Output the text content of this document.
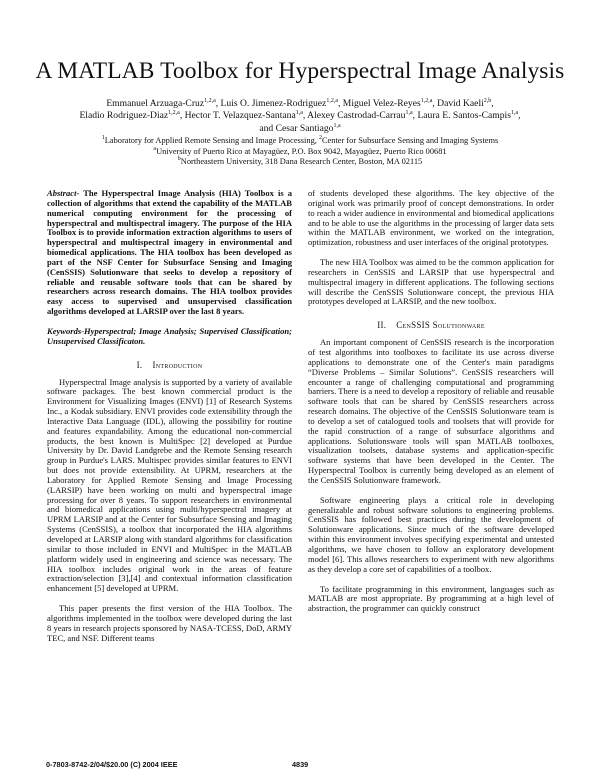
A MATLAB Toolbox for Hyperspectral Image Analysis
Emmanuel Arzuaga-Cruz$^{1,2,a}$, Luis O. Jimenez-Rodriguez$^{1,2,a}$, Miguel Velez-Reyes$^{1,2,a}$, David Kaeli$^{2,b}$,
Eladio Rodriguez-Diaz$^{1,2,a}$, Hector T. Velazquez-Santana$^{1,a}$, Alexey Castrodad-Carrau$^{1,a}$, Laura E. Santos-Campis$^{1,a}$,
and Cesar Santiago$^{1,a}$
$^1$Laboratory for Applied Remote Sensing and Image Processing, $^2$Center for Subsurface Sensing and Imaging Systems
$^a$University of Puerto Rico at Mayagüez, P.O. Box 9042, Mayagüez, Puerto Rico 00681
$^b$Northeastern University, 318 Dana Research Center, Boston, MA 02115

Abstract- The Hyperspectral Image Analysis (HIA) Toolbox is a collection of algorithms that extend the capability of the MATLAB numerical computing environment for the processing of hyperspectral and multispectral imagery. The purpose of the HIA Toolbox is to provide information extraction algorithms to users of hyperspectral and multispectral imagery in environmental and biomedical applications. The HIA toolbox has been developed as part of the NSF Center for Subsurface Sensing and Imaging (CenSSIS) Solutionware that seeks to develop a repository of reliable and reusable software tools that can be shared by researchers across research domains. The HIA toolbox provides easy access to supervised and unsupervised classification algorithms developed at LARSIP over the last 8 years.

Keywords-Hyperspectral; Image Analysis; Supervised Classification; Unsupervised Classificaton.

I. Introduction

Hyperspectral Image analysis is supported by a variety of available software packages. The best known commercial product is the Environment for Visualizing Images (ENVI) [1] of Research Systems Inc., a Kodak subsidiary. ENVI provides code extensibility through the Interactive Data Language (IDL), allowing the possibility for routine and features expandability. Among the educational non-commercial products, the best known is MultiSpec [2] developed at Purdue University by Dr. David Landgrebe and the Remote Sensing research group in Purdue's LARS. Multispec provides similar features to ENVI but does not provide extensibility. At UPRM, researchers at the Laboratory for Applied Remote Sensing and Image Processing (LARSIP) have been working on multi and hyperspectral image processing for over 8 years. To support researchers in environmental and biomedical applications using multi/hyperspectral imagery at UPRM LARSIP and at the Center for Subsurface Sensing and Imaging Systems (CenSSIS), a toolbox that incorporated the HIA algorithms developed at LARSIP along with standard algorithms for classification similar to those included in ENVI and MultiSpec in the MATLAB platform widely used in engineering and science was necessary. The HIA toolbox includes original work in the areas of feature extraction/selection [3],[4] and contextual information classification enhancement [5] developed at UPRM.

This paper presents the first version of the HIA Toolbox. The algorithms implemented in the toolbox were developed during the last 8 years in research projects sponsored by NASA-TCESS, DoD, ARMY TEC, and NSF. Different teams

of students developed these algorithms. The key objective of the original work was primarily proof of concept demonstrations. In order to reach a wider audience in environmental and biomedical applications and to be able to use the algorithms in the processing of larger data sets within the MATLAB environment, we worked on the integration, optimization, robustness and user interfaces of the original prototypes.

The new HIA Toolbox was aimed to be the common application for researchers in CenSSIS and LARSIP that use hyperspectral and multispectral imagery in different applications. The following sections will describe the CenSSIS Solutionware concept, the previous HIA prototypes developed at LARSIP, and the new toolbox.

II. CenSSIS Solutionware

An important component of CenSSIS research is the incorporation of test algorithms into toolboxes to facilitate its use across diverse applications to demonstrate one of the Center's main paradigms “Diverse Problems – Similar Solutions”. CenSSIS researchers will encounter a range of challenging computational and programming barriers. There is a need to develop a repository of reliable and reusable software tools that can be shared by CenSSIS researchers across research domains. The objective of the CenSSIS Solutionware team is to develop a set of catalogued tools and toolsets that will provide for the rapid construction of a range of subsurface algorithms and applications. Solutionsware tools will span MATLAB toolboxes, visualization toolsets, database systems and application-specific software systems that have been developed in the Center. The Hyperspectral Toolbox is currently being developed as an element of the CenSSIS Solutionware framework.

Software engineering plays a critical role in developing generalizable and robust software solutions to engineering problems. CenSSIS has followed best practices during the development of Solutionware applications. Since much of the software developed within this environment involves specifying experimental and untested algorithms, we have chosen to follow an exploratory development model [6]. This allows researchers to experiment with new algorithms as they develop a core set of capabilities of a toolbox.

To facilitate programming in this environment, languages such as MATLAB are most appropriate. By programming at a high level of abstraction, the programmer can quickly construct

0-7803-8742-2/04/$20.00 (C) 2004 IEEE	4839
